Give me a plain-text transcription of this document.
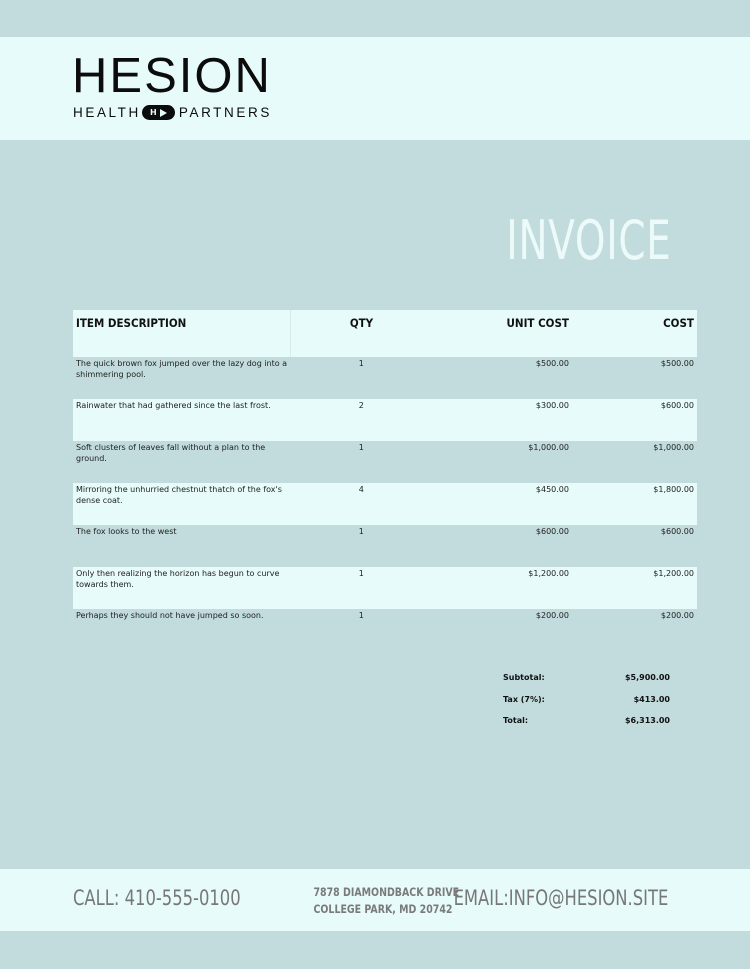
HESION
HEALTH H PARTNERS
INVOICE
ITEM DESCRIPTION	QTY	UNIT COST	COST
The quick brown fox jumped over the lazy dog into a shimmering pool.	1	$500.00	$500.00
Rainwater that had gathered since the last frost.	2	$300.00	$600.00
Soft clusters of leaves fall without a plan to the ground.	1	$1,000.00	$1,000.00
Mirroring the unhurried chestnut thatch of the fox's dense coat.	4	$450.00	$1,800.00
The fox looks to the west	1	$600.00	$600.00
Only then realizing the horizon has begun to curve towards them.	1	$1,200.00	$1,200.00
Perhaps they should not have jumped so soon.	1	$200.00	$200.00
Subtotal:	$5,900.00
Tax (7%):	$413.00
Total:	$6,313.00
CALL: 410-555-0100	7878 DIAMONDBACK DRIVE
COLLEGE PARK, MD 20742 EMAIL:INFO@HESION.SITE
